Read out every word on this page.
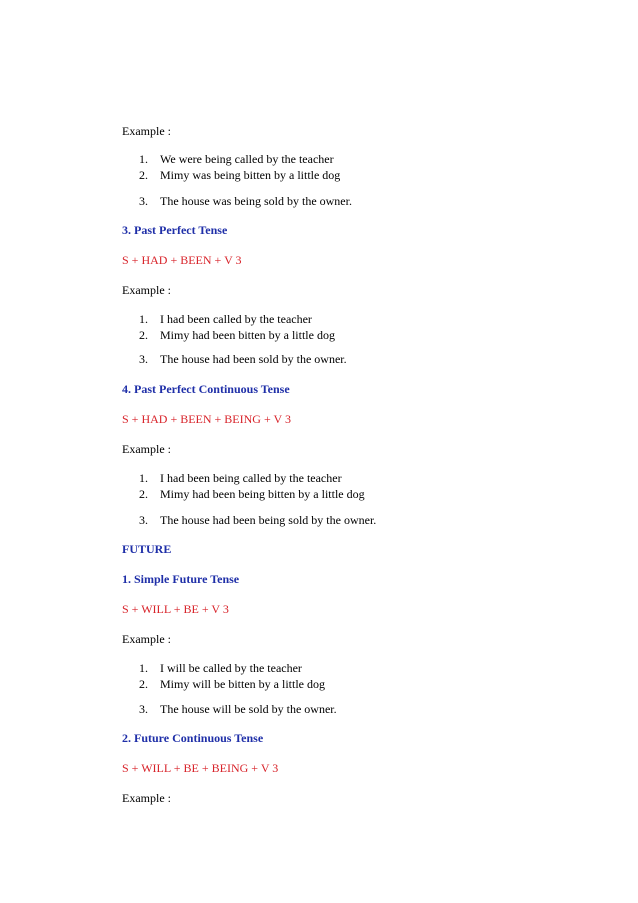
Example :
1. We were being called by the teacher
2. Mimy was being bitten by a little dog
3. The house was being sold by the owner.
3. Past Perfect Tense
S + HAD + BEEN + V 3
Example :
1. I had been called by the teacher
2. Mimy had been bitten by a little dog
3. The house had been sold by the owner.
4. Past Perfect Continuous Tense
S + HAD + BEEN + BEING + V 3
Example :
1. I had been being called by the teacher
2. Mimy had been being bitten by a little dog
3. The house had been being sold by the owner.
FUTURE
1. Simple Future Tense
S + WILL + BE + V 3
Example :
1. I will be called by the teacher
2. Mimy will be bitten by a little dog
3. The house will be sold by the owner.
2. Future Continuous Tense
S + WILL + BE + BEING + V 3
Example :
